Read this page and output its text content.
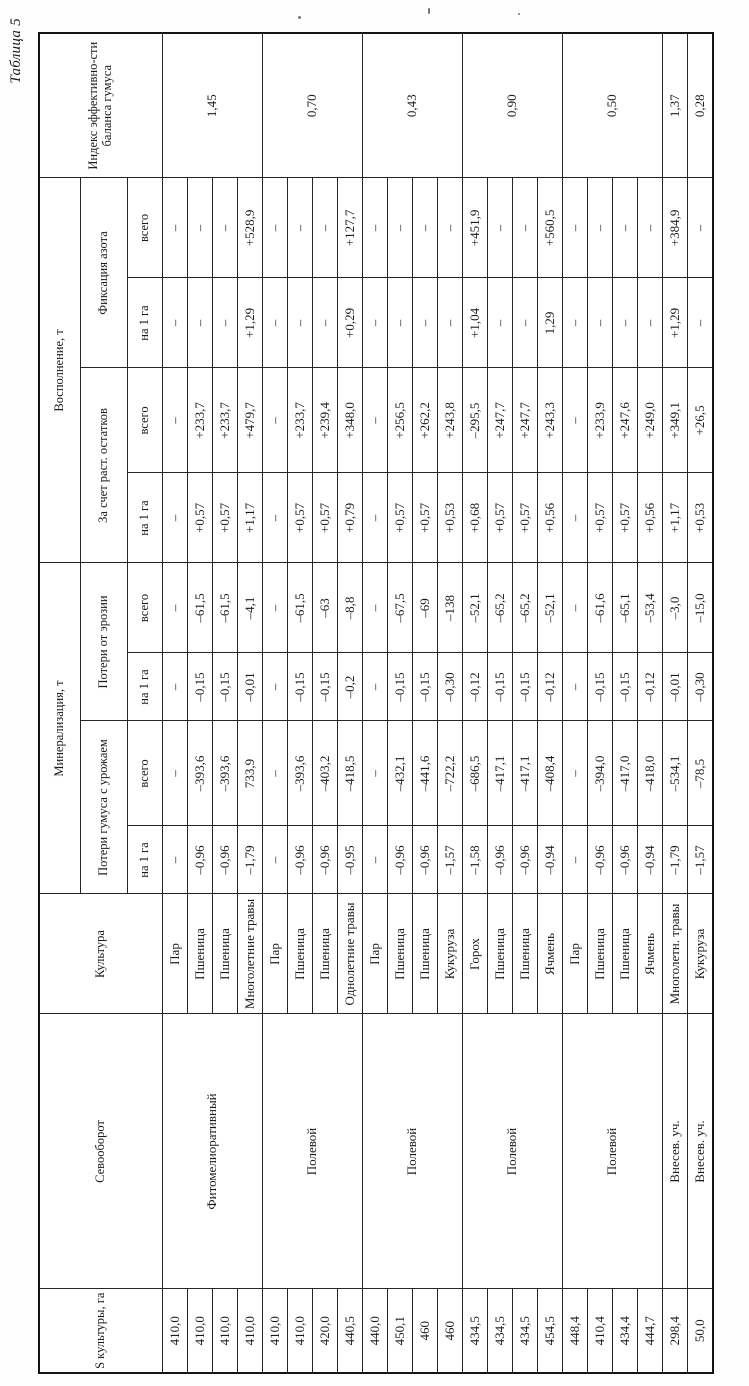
Таблица 5
S культуры, га	Севооборот	Культура	Минерализация, т				Восполнение, т				Индекс эффективно-сти баланса гумуса
			Потери гумуса с урожаем		Потери от эрозии		За счет раст. остатков		Фиксация азота		
			на 1 га	всего	на 1 га	всего	на 1 га	всего	на 1 га	всего	
410,0	Фитомелиоративный	Пар	–	–	–	–	–	–	–	–	1,45
410,0		Пшеница	–0,96	–393,6	–0,15	–61,5	+0,57	+233,7	–	–	
410,0		Пшеница	–0,96	–393,6	–0,15	–61,5	+0,57	+233,7	–	–	
410,0		Многолетние травы	–1,79	733,9	–0,01	–4,1	+1,17	+479,7	+1,29	+528,9	
410,0	Полевой	Пар	–	–	–	–	–	–	–	–	0,70
410,0		Пшеница	–0,96	–393,6	–0,15	–61,5	+0,57	+233,7	–	–	
420,0		Пшеница	–0,96	–403,2	–0,15	–63	+0,57	+239,4	–	–	
440,5		Однолетние травы	–0,95	–418,5	–0,2	–8,8	+0,79	+348,0	+0,29	+127,7	
440,0	Полевой	Пар	–	–	–	–	–	–	–	–	0,43
450,1		Пшеница	–0,96	–432,1	–0,15	–67,5	+0,57	+256,5	–	–	
460		Пшеница	–0,96	–441,6	–0,15	–69	+0,57	+262,2	–	–	
460		Кукуруза	–1,57	–722,2	–0,30	–138	+0,53	+243,8	–	–	
434,5	Полевой	Горох	–1,58	–686,5	–0,12	–52,1	+0,68	–295,5	+1,04	+451,9	0,90
434,5		Пшеница	–0,96	–417,1	–0,15	–65,2	+0,57	+247,7	–	–	
434,5		Пшеница	–0,96	–417,1	–0,15	–65,2	+0,57	+247,7	–	–	
454,5		Ячмень	–0,94	–408,4	–0,12	–52,1	+0,56	+243,3	1,29	+560,5	
448,4	Полевой	Пар	–	–	–	–	–	–	–	–	0,50
410,4		Пшеница	–0,96	–394,0	–0,15	–61,6	+0,57	+233,9	–	–	
434,4		Пшеница	–0,96	–417,0	–0,15	–65,1	+0,57	+247,6	–	–	
444,7		Ячмень	–0,94	–418,0	–0,12	–53,4	+0,56	+249,0	–	–	
298,4	Внесев. уч.	Многолетн. травы	–1,79	–534,1	–0,01	–3,0	+1,17	+349,1	+1,29	+384,9	1,37
50,0	Внесев. уч.	Кукуруза	–1,57	–78,5	–0,30	–15,0	+0,53	+26,5	–	–	0,28
